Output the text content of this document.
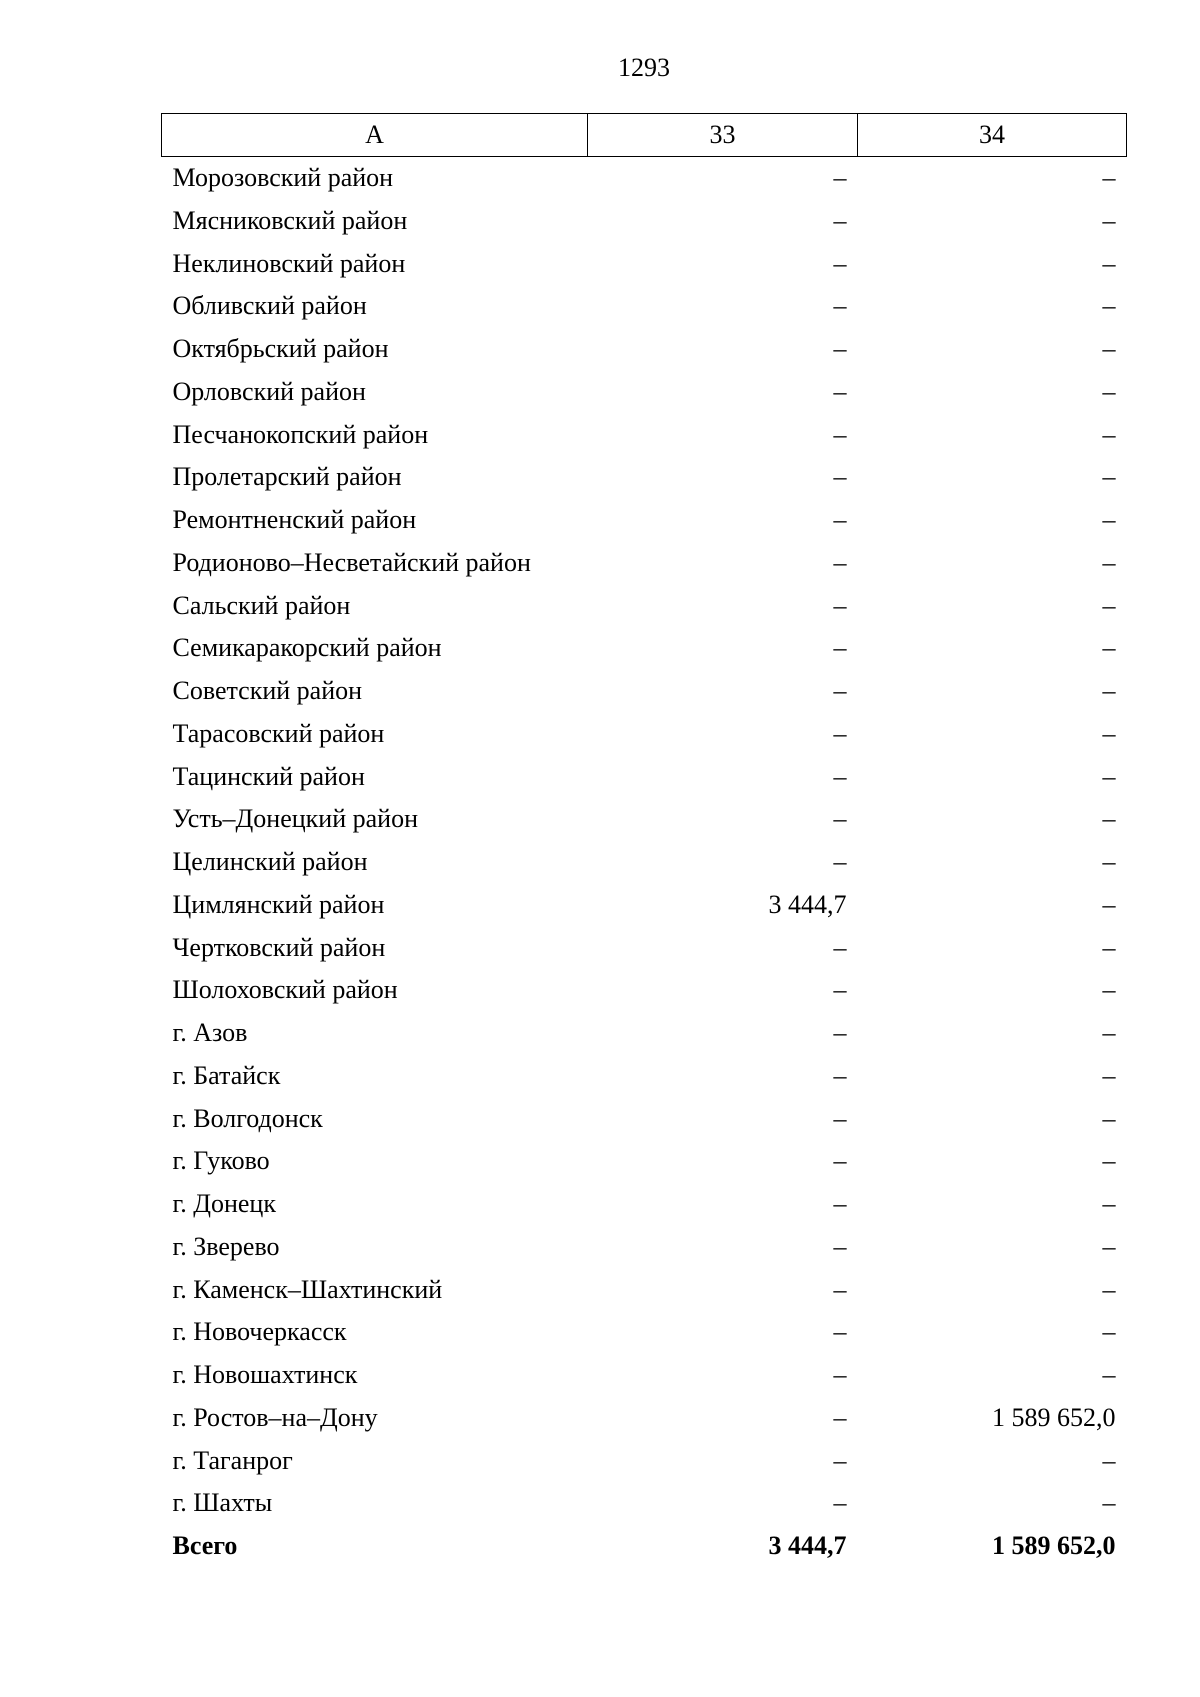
1293
А	33	34
Морозовский район	–	–
Мясниковский район	–	–
Неклиновский район	–	–
Обливский район	–	–
Октябрьский район	–	–
Орловский район	–	–
Песчанокопский район	–	–
Пролетарский район	–	–
Ремонтненский район	–	–
Родионово–Несветайский район	–	–
Сальский район	–	–
Семикаракорский район	–	–
Советский район	–	–
Тарасовский район	–	–
Тацинский район	–	–
Усть–Донецкий район	–	–
Целинский район	–	–
Цимлянский район	3 444,7	–
Чертковский район	–	–
Шолоховский район	–	–
г. Азов	–	–
г. Батайск	–	–
г. Волгодонск	–	–
г. Гуково	–	–
г. Донецк	–	–
г. Зверево	–	–
г. Каменск–Шахтинский	–	–
г. Новочеркасск	–	–
г. Новошахтинск	–	–
г. Ростов–на–Дону	–	1 589 652,0
г. Таганрог	–	–
г. Шахты	–	–
Всего	3 444,7	1 589 652,0
